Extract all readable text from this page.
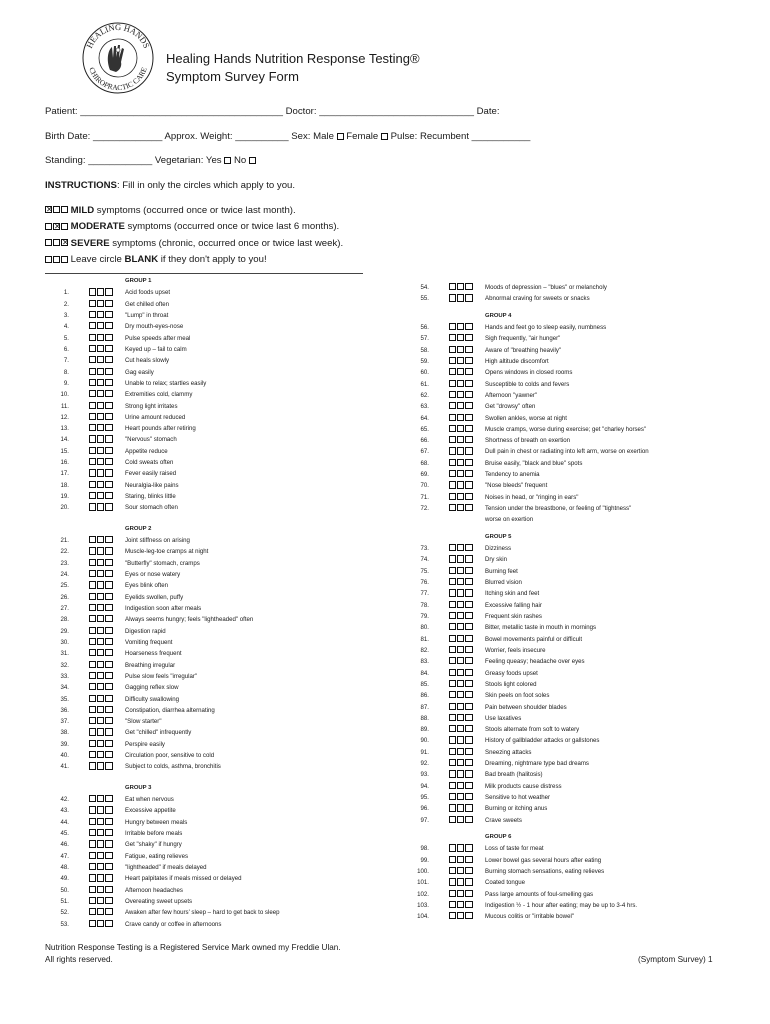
HEALING HANDS
CHIROPRACTIC CARE
Healing Hands Nutrition Response Testing®
Symptom Survey Form
Patient: ______________________________________ Doctor: _____________________________ Date:
Birth Date: _____________ Approx. Weight: __________ Sex: Male Female Pulse: Recumbent ___________
Standing: ____________ Vegetarian: Yes No
INSTRUCTIONS: Fill in only the circles which apply to you.
✕ MILD symptoms (occurred once or twice last month).
✕ MODERATE symptoms (occurred once or twice last 6 months).
✕ SEVERE symptoms (chronic, occurred once or twice last week).
Leave circle BLANK if they don't apply to you!
GROUP 1
1.	Acid foods upset
2.	Get chilled often
3.	"Lump" in throat
4.	Dry mouth-eyes-nose
5.	Pulse speeds after meal
6.	Keyed up – fail to calm
7.	Cut heals slowly
8.	Gag easily
9.	Unable to relax; startles easily
10.	Extremities cold, clammy
11.	Strong light irritates
12.	Urine amount reduced
13.	Heart pounds after retiring
14.	"Nervous" stomach
15.	Appetite reduce
16.	Cold sweats often
17.	Fever easily raised
18.	Neuralgia-like pains
19.	Staring, blinks little
20.	Sour stomach often
GROUP 2
21.	Joint stiffness on arising
22.	Muscle-leg-toe cramps at night
23.	"Butterfly" stomach, cramps
24.	Eyes or nose watery
25.	Eyes blink often
26.	Eyelids swollen, puffy
27.	Indigestion soon after meals
28.	Always seems hungry; feels "lightheaded" often
29.	Digestion rapid
30.	Vomiting frequent
31.	Hoarseness frequent
32.	Breathing irregular
33.	Pulse slow feels "irregular"
34.	Gagging reflex slow
35.	Difficulty swallowing
36.	Constipation, diarrhea alternating
37.	"Slow starter"
38.	Get "chilled" infrequently
39.	Perspire easily
40.	Circulation poor, sensitive to cold
41.	Subject to colds, asthma, bronchitis
GROUP 3
42.	Eat when nervous
43.	Excessive appetite
44.	Hungry between meals
45.	Irritable before meals
46.	Get "shaky" if hungry
47.	Fatigue, eating relieves
48.	"lightheaded" if meals delayed
49.	Heart palpitates if meals missed or delayed
50.	Afternoon headaches
51.	Overeating sweet upsets
52.	Awaken after few hours' sleep – hard to get back to sleep
53.	Crave candy or coffee in afternoons
54.	Moods of depression – "blues" or melancholy
55.	Abnormal craving for sweets or snacks
GROUP 4
56.	Hands and feet go to sleep easily, numbness
57.	Sigh frequently, "air hunger"
58.	Aware of "breathing heavily"
59.	High altitude discomfort
60.	Opens windows in closed rooms
61.	Susceptible to colds and fevers
62.	Afternoon "yawner"
63.	Get "drowsy" often
64.	Swollen ankles, worse at night
65.	Muscle cramps, worse during exercise; get "charley horses"
66.	Shortness of breath on exertion
67.	Dull pain in chest or radiating into left arm, worse on exertion
68.	Bruise easily, "black and blue" spots
69.	Tendency to anemia
70.	"Nose bleeds" frequent
71.	Noises in head, or "ringing in ears"
72.	Tension under the breastbone, or feeling of "tightness"
worse on exertion
GROUP 5
73.	Dizziness
74.	Dry skin
75.	Burning feet
76.	Blurred vision
77.	Itching skin and feet
78.	Excessive falling hair
79.	Frequent skin rashes
80.	Bitter, metallic taste in mouth in mornings
81.	Bowel movements painful or difficult
82.	Worrier, feels insecure
83.	Feeling queasy; headache over eyes
84.	Greasy foods upset
85.	Stools light colored
86.	Skin peels on foot soles
87.	Pain between shoulder blades
88.	Use laxatives
89.	Stools alternate from soft to watery
90.	History of gallbladder attacks or gallstones
91.	Sneezing attacks
92.	Dreaming, nightmare type bad dreams
93.	Bad breath (halitosis)
94.	Milk products cause distress
95.	Sensitive to hot weather
96.	Burning or itching anus
97.	Crave sweets
GROUP 6
98.	Loss of taste for meat
99.	Lower bowel gas several hours after eating
100.	Burning stomach sensations, eating relieves
101.	Coated tongue
102.	Pass large amounts of foul-smelling gas
103.	Indigestion ½ - 1 hour after eating; may be up to 3-4 hrs.
104.	Mucous colitis or "irritable bowel"
Nutrition Response Testing is a Registered Service Mark owned my Freddie Ulan.
All rights reserved.	(Symptom Survey) 1
